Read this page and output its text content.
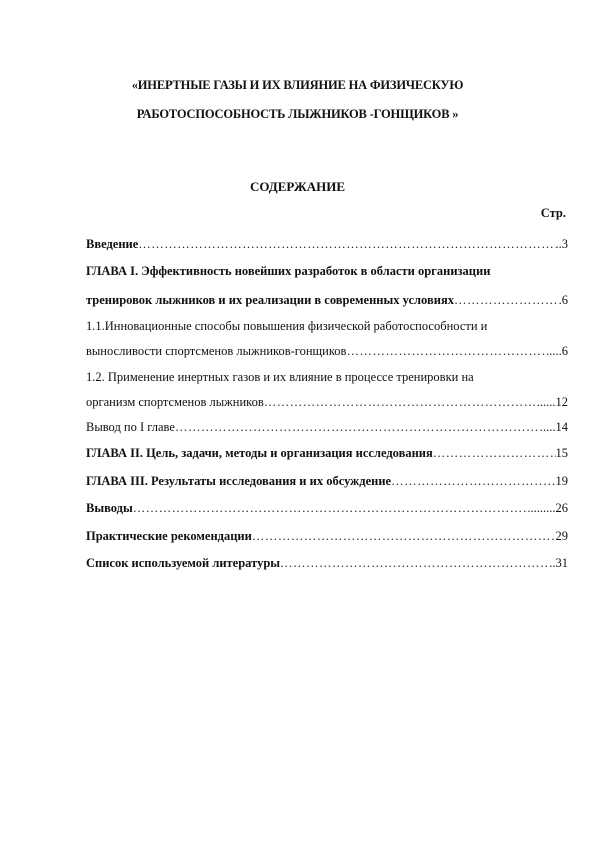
«ИНЕРТНЫЕ ГАЗЫ И ИХ ВЛИЯНИЕ НА ФИЗИЧЕСКУЮ
РАБОТОСПОСОБНОСТЬ ЛЫЖНИКОВ -ГОНЩИКОВ »
СОДЕРЖАНИЕ
Стр.
Введение …………………………………………………………………………………………………………………………………………………………	..3
ГЛАВА I. Эффективность новейших разработок в области организации
тренировок лыжников и их реализации в современных условиях …………………………………………………………………………………………………………………………………………………………	.6
1.1.Инновационные способы повышения физической работоспособности и
выносливости спортсменов лыжников-гонщиков …………………………………………………………………………………………………………………………………………………………	....6
1.2. Применение инертных газов и их влияние в процессе тренировки на
организм спортсменов лыжников …………………………………………………………………………………………………………………………………………………………	......12
Вывод по I главе …………………………………………………………………………………………………………………………………………………………	....14
ГЛАВА II. Цель, задачи, методы и организация исследования …………………………………………………………………………………………………………………………………………………………	15
ГЛАВА III. Результаты исследования и их обсуждение …………………………………………………………………………………………………………………………………………………………	…19
Выводы …………………………………………………………………………………………………………………………………………………………	........26
Практические рекомендации …………………………………………………………………………………………………………………………………………………………	29
Список используемой литературы …………………………………………………………………………………………………………………………………………………………	..31
